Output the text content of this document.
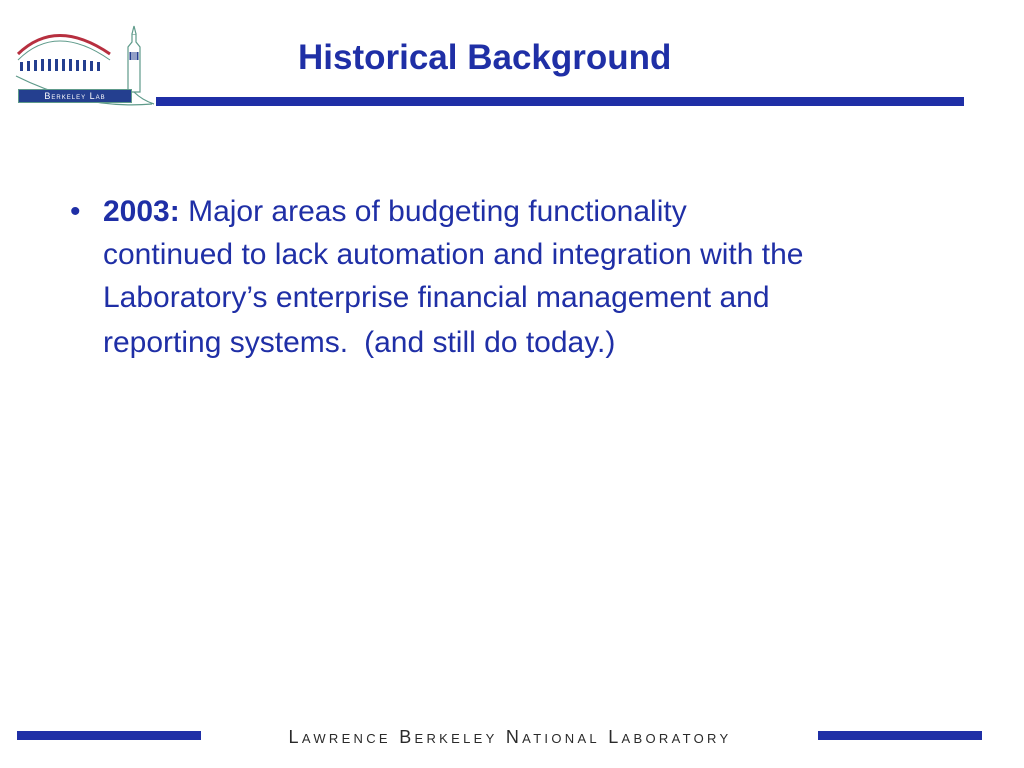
Berkeley Lab
Historical Background
• 2003: Major areas of budgeting functionality
continued to lack automation and integration with the
Laboratory’s enterprise financial management and
reporting systems. (and still do today.)
Lawrence Berkeley National Laboratory
